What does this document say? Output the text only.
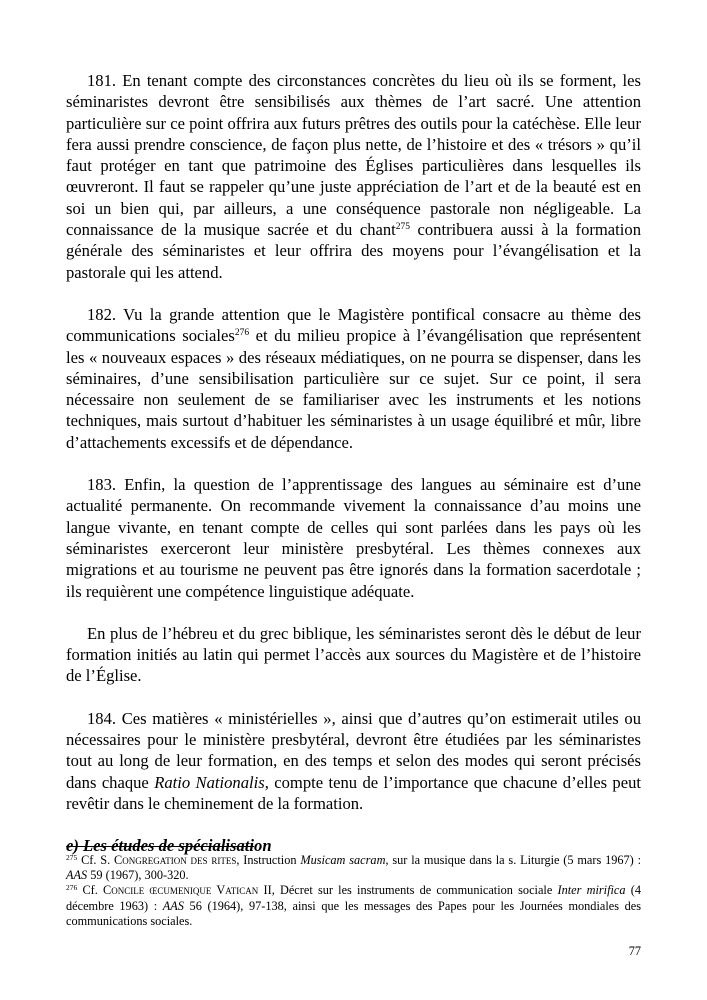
181. En tenant compte des circonstances concrètes du lieu où ils se forment, les séminaristes devront être sensibilisés aux thèmes de l’art sacré. Une attention particulière sur ce point offrira aux futurs prêtres des outils pour la catéchèse. Elle leur fera aussi prendre conscience, de façon plus nette, de l’histoire et des « trésors » qu’il faut protéger en tant que patrimoine des Églises particulières dans lesquelles ils œuvreront. Il faut se rappeler qu’une juste appréciation de l’art et de la beauté est en soi un bien qui, par ailleurs, a une conséquence pastorale non négligeable. La connaissance de la musique sacrée et du chant$^{275}$ contribuera aussi à la formation générale des séminaristes et leur offrira des moyens pour l’évangélisation et la pastorale qui les attend.

182. Vu la grande attention que le Magistère pontifical consacre au thème des communications sociales$^{276}$ et du milieu propice à l’évangélisation que représentent les « nouveaux espaces » des réseaux médiatiques, on ne pourra se dispenser, dans les séminaires, d’une sensibilisation particulière sur ce sujet. Sur ce point, il sera nécessaire non seulement de se familiariser avec les instruments et les notions techniques, mais surtout d’habituer les séminaristes à un usage équilibré et mûr, libre d’attachements excessifs et de dépendance.

183. Enfin, la question de l’apprentissage des langues au séminaire est d’une actualité permanente. On recommande vivement la connaissance d’au moins une langue vivante, en tenant compte de celles qui sont parlées dans les pays où les séminaristes exerceront leur ministère presbytéral. Les thèmes connexes aux migrations et au tourisme ne peuvent pas être ignorés dans la formation sacerdotale ; ils requièrent une compétence linguistique adéquate.

En plus de l’hébreu et du grec biblique, les séminaristes seront dès le début de leur formation initiés au latin qui permet l’accès aux sources du Magistère et de l’histoire de l’Église.

184. Ces matières « ministérielles », ainsi que d’autres qu’on estimerait utiles ou nécessaires pour le ministère presbytéral, devront être étudiées par les séminaristes tout au long de leur formation, en des temps et selon des modes qui seront précisés dans chaque Ratio Nationalis, compte tenu de l’importance que chacune d’elles peut revêtir dans le cheminement de la formation.

e) Les études de spécialisation

$^{275}$ Cf. S. Congregation des rites, Instruction Musicam sacram, sur la musique dans la s. Liturgie (5 mars 1967) : AAS 59 (1967), 300-320.

$^{276}$ Cf. Concile œcumenique Vatican II, Décret sur les instruments de communication sociale Inter mirifica (4 décembre 1963) : AAS 56 (1964), 97-138, ainsi que les messages des Papes pour les Journées mondiales des communications sociales.

77
